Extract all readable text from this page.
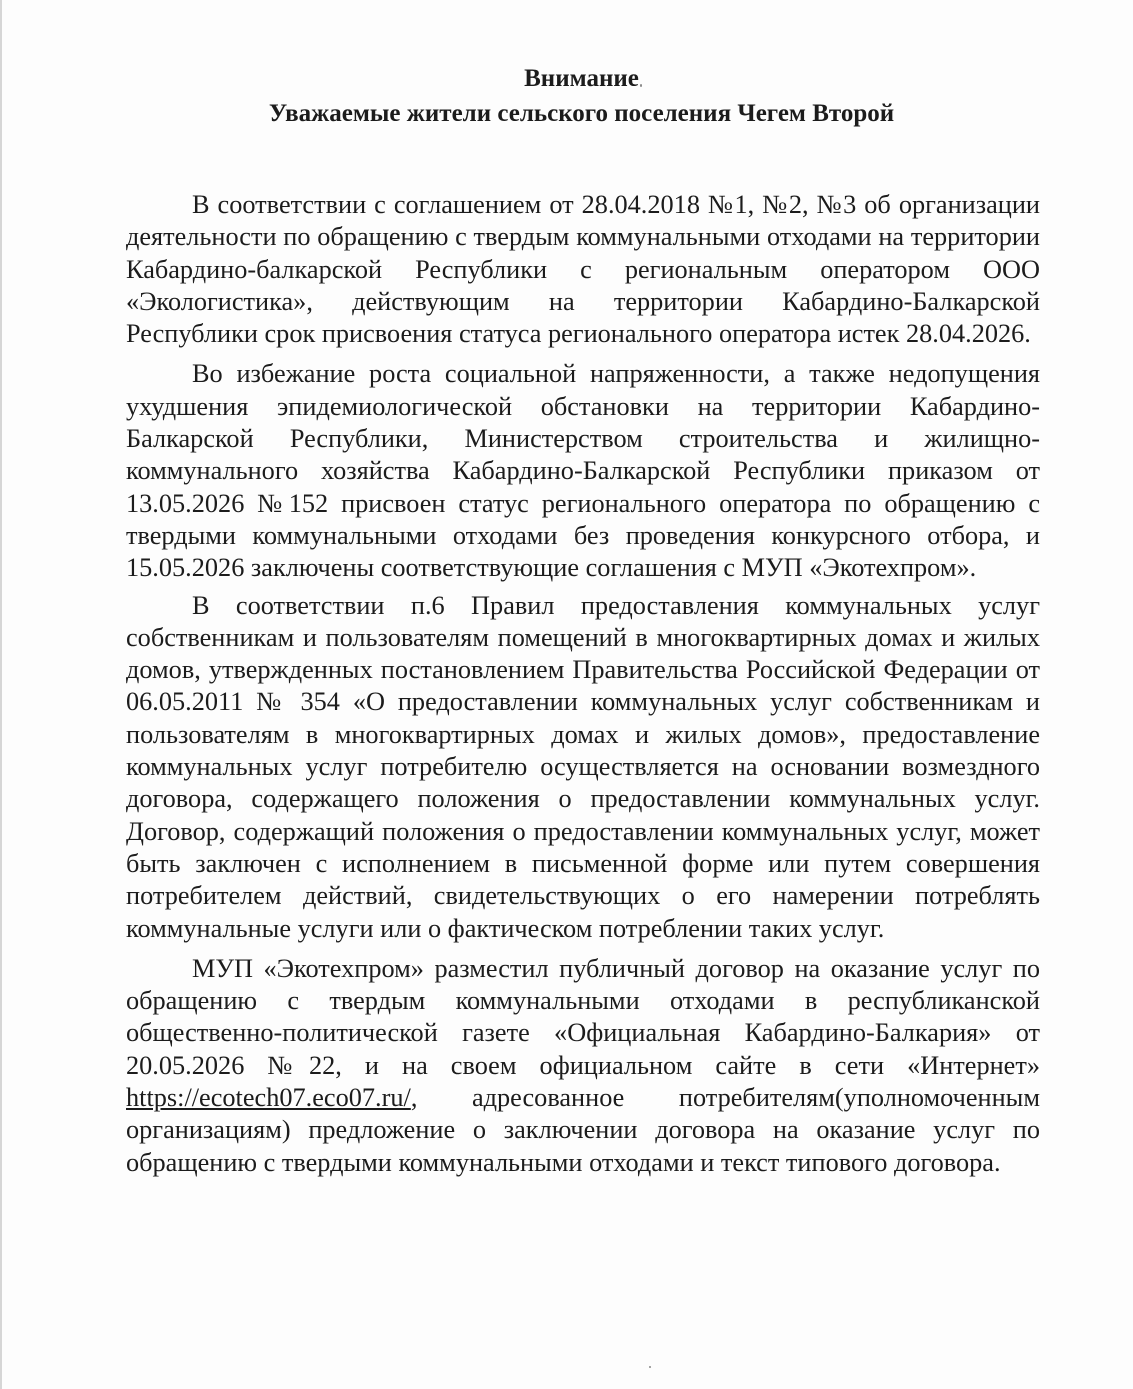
Внимание
Уважаемые жители сельского поселения Чегем Второй

В соответствии с соглашением от 28.04.2018 №1, №2, №3 об организации деятельности по обращению с твердым коммунальными отходами на территории Кабардино-балкарской Республики с региональным оператором ООО «Экологистика», действующим на территории Кабардино-Балкарской Республики срок присвоения статуса регионального оператора истек 28.04.2026.

Во избежание роста социальной напряженности, а также недопущения ухудшения эпидемиологической обстановки на территории Кабардино-Балкарской Республики, Министерством строительства и жилищно-коммунального хозяйства Кабардино-Балкарской Республики приказом от 13.05.2026 №152 присвоен статус регионального оператора по обращению с твердыми коммунальными отходами без проведения конкурсного отбора, и 15.05.2026 заключены соответствующие соглашения с МУП «Экотехпром».

В соответствии п.6 Правил предоставления коммунальных услуг собственникам и пользователям помещений в многоквартирных домах и жилых домов, утвержденных постановлением Правительства Российской Федерации от 06.05.2011 № 354 «О предоставлении коммунальных услуг собственникам и пользователям в многоквартирных домах и жилых домов», предоставление коммунальных услуг потребителю осуществляется на основании возмездного договора, содержащего положения о предоставлении коммунальных услуг. Договор, содержащий положения о предоставлении коммунальных услуг, может быть заключен с исполнением в письменной форме или путем совершения потребителем действий, свидетельствующих о его намерении потреблять коммунальные услуги или о фактическом потреблении таких услуг.

МУП «Экотехпром» разместил публичный договор на оказание услуг по обращению с твердым коммунальными отходами в республиканской общественно-политической газете «Официальная Кабардино-Балкария» от 20.05.2026 №22, и на своем официальном сайте в сети «Интернет» https://ecotech07.eco07.ru/, адресованное потребителям(уполномоченным организациям) предложение о заключении договора на оказание услуг по обращению с твердыми коммунальными отходами и текст типового договора.
